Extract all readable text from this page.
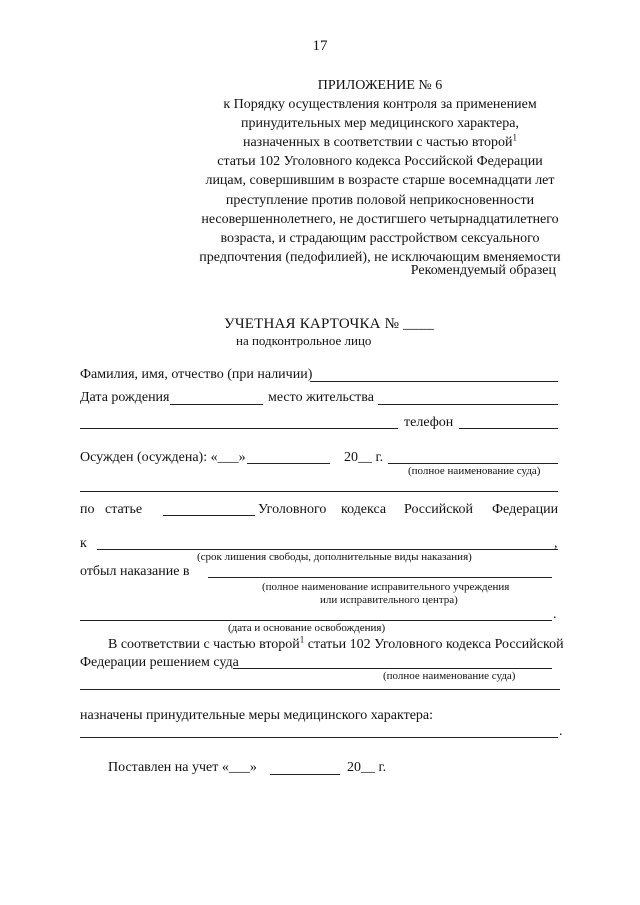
17
ПРИЛОЖЕНИЕ № 6
к Порядку осуществления контроля за применением
принудительных мер медицинского характера,
назначенных в соответствии с частью второй$^1$
статьи 102 Уголовного кодекса Российской Федерации
лицам, совершившим в возрасте старше восемнадцати лет
преступление против половой неприкосновенности
несовершеннолетнего, не достигшего четырнадцатилетнего
возраста, и страдающим расстройством сексуального
предпочтения (педофилией), не исключающим вменяемости
Рекомендуемый образец
УЧЕТНАЯ КАРТОЧКА № ____
на подконтрольное лицо
Фамилия, имя, отчество (при наличии)
Дата рождения	место жительства
телефон
Осужден (осуждена): «___»	20__ г.
(полное наименование суда)
по статье	Уголовного кодекса Российской Федерации
к	,
(срок лишения свободы, дополнительные виды наказания)
отбыл наказание в
(полное наименование исправительного учреждения
или исправительного центра)
.
(дата и основание освобождения)
В соответствии с частью второй$^1$ статьи 102 Уголовного кодекса Российской
Федерации решением суда
(полное наименование суда)
назначены принудительные меры медицинского характера:
.
Поставлен на учет «___»	20__ г.
